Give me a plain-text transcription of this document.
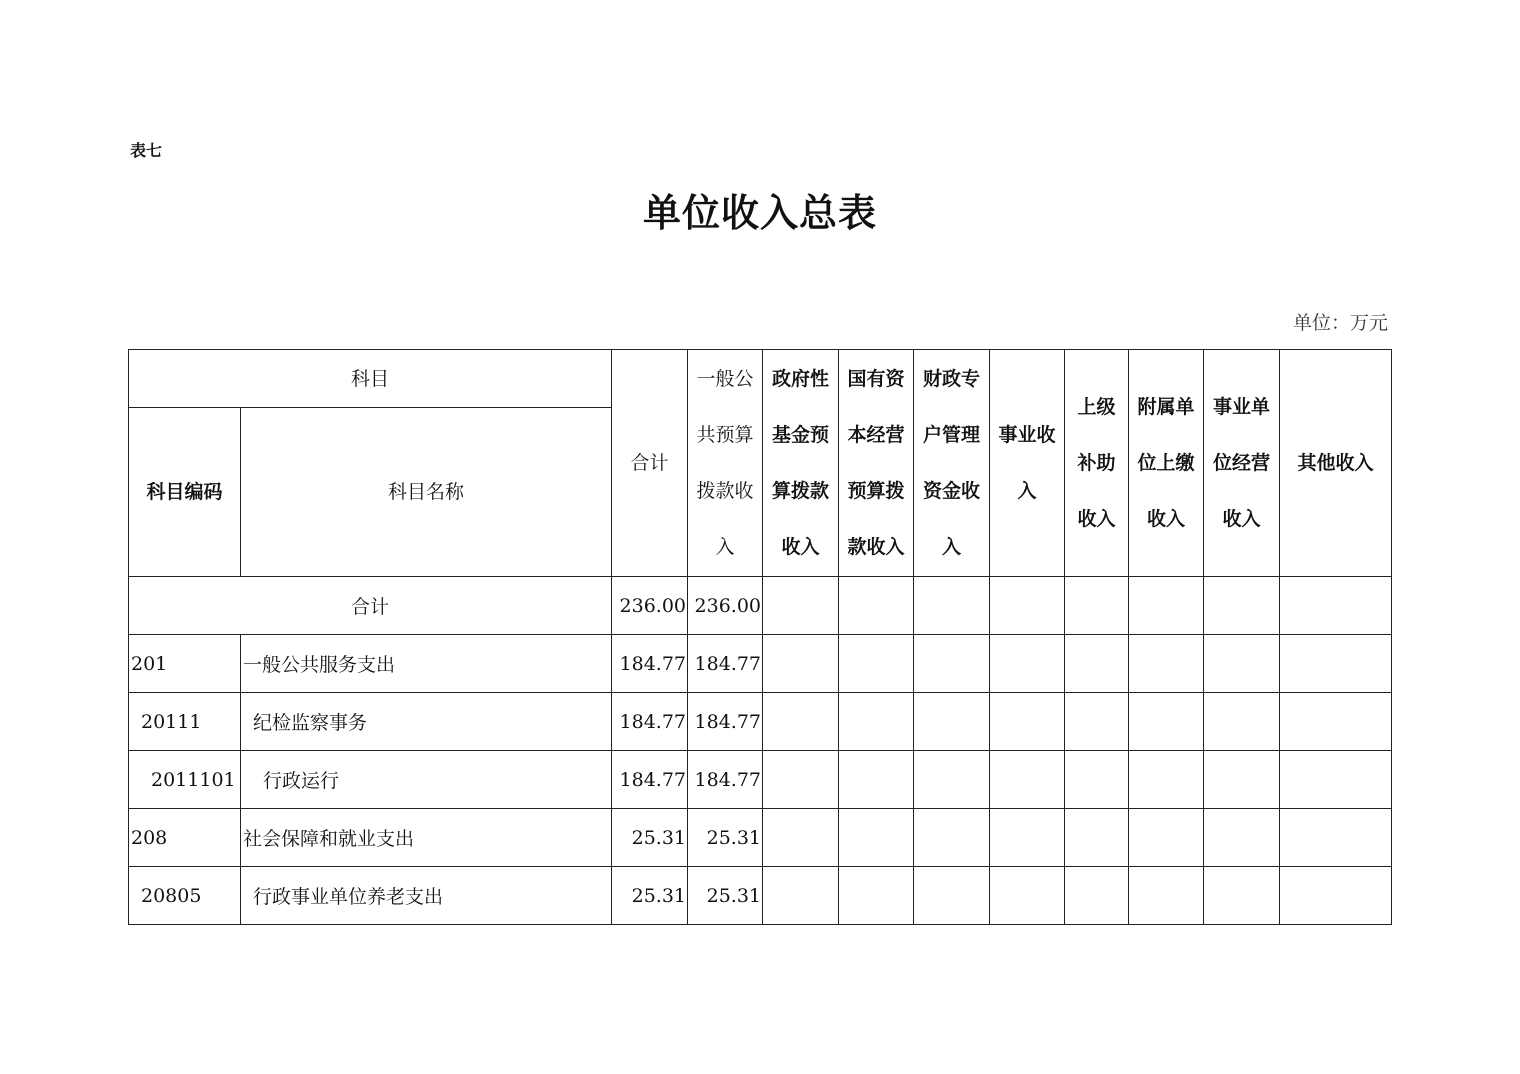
表七
单位收入总表
单位：万元
科目		合计	一般公共预算拨款收入	政府性基金预算拨款收入	国有资本经营预算拨款收入	财政专户管理资金收入	事业收入	上级补助收入	附属单位上缴收入	事业单位经营收入	其他收入
科目编码	科目名称										
合计		236.00	236.00								
201	一般公共服务支出	184.77	184.77								
20111	纪检监察事务	184.77	184.77								
2011101	行政运行	184.77	184.77								
208	社会保障和就业支出	25.31	25.31								
20805	行政事业单位养老支出	25.31	25.31								
